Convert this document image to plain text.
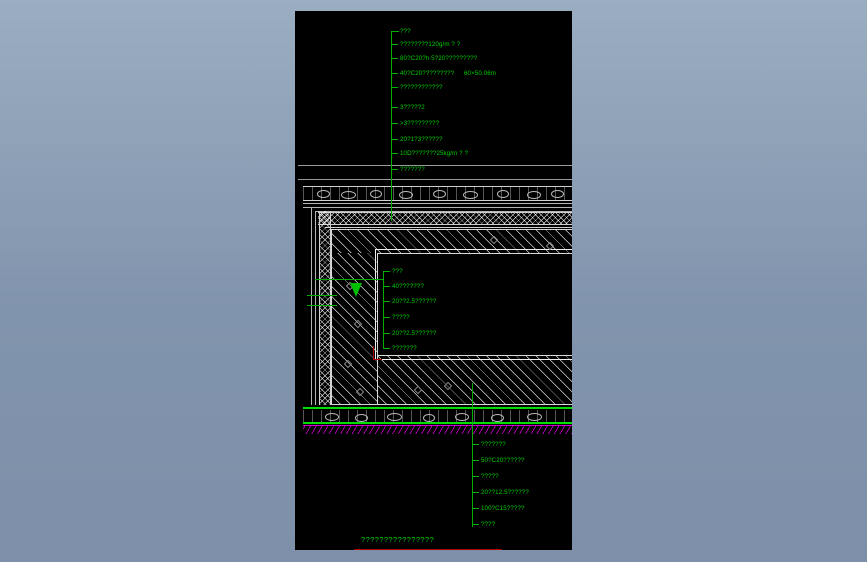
???
????????120g/m ? ?
80?C20?h 5?20?????????
40?C20????????? 60×50.06m
????????????
3?????2
>3?????????
20?1?3??????
10D???????25kg/m ? ?
???????
???
40???????
20??2.5??????
?????
20??2.5??????
???????
???????
50?C20??????
?????
20??12.5??????
100?C15?????
????
????????????????
